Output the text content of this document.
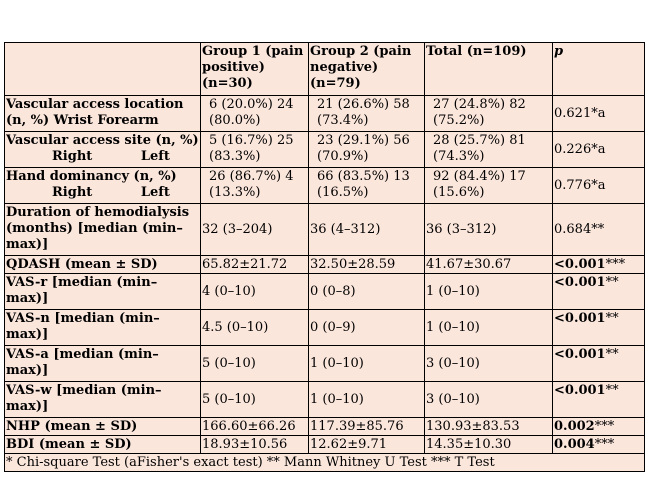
	Group 1 (pain positive) (n=30)	Group 2 (pain negative) (n=79)	Total (n=109)	p
Vascular access location (n, %) Wrist Forearm	6 (20.0%) 24 (80.0%)	21 (26.6%) 58 (73.4%)	27 (24.8%) 82 (75.2%)	0.621*a
Vascular access site (n, %)
Right Left	5 (16.7%) 25 (83.3%)	23 (29.1%) 56 (70.9%)	28 (25.7%) 81 (74.3%)	0.226*a
Hand dominancy (n, %)
Right Left	26 (86.7%) 4 (13.3%)	66 (83.5%) 13 (16.5%)	92 (84.4%) 17 (15.6%)	0.776*a
Duration of hemodialysis (months) [median (min–max)]	32 (3–204)	36 (4–312)	36 (3–312)	0.684**
QDASH (mean ± SD)	65.82±21.72	32.50±28.59	41.67±30.67	<0.001***
VAS-r [median (min–max)]	4 (0–10)	0 (0–8)	1 (0–10)	<0.001**
VAS-n [median (min–max)]	4.5 (0–10)	0 (0–9)	1 (0–10)	<0.001**
VAS-a [median (min–max)]	5 (0–10)	1 (0–10)	3 (0–10)	<0.001**
VAS-w [median (min–max)]	5 (0–10)	1 (0–10)	3 (0–10)	<0.001**
NHP (mean ± SD)	166.60±66.26	117.39±85.76	130.93±83.53	0.002***
BDI (mean ± SD)	18.93±10.56	12.62±9.71	14.35±10.30	0.004***
* Chi-square Test (aFisher's exact test) ** Mann Whitney U Test *** T Test				
